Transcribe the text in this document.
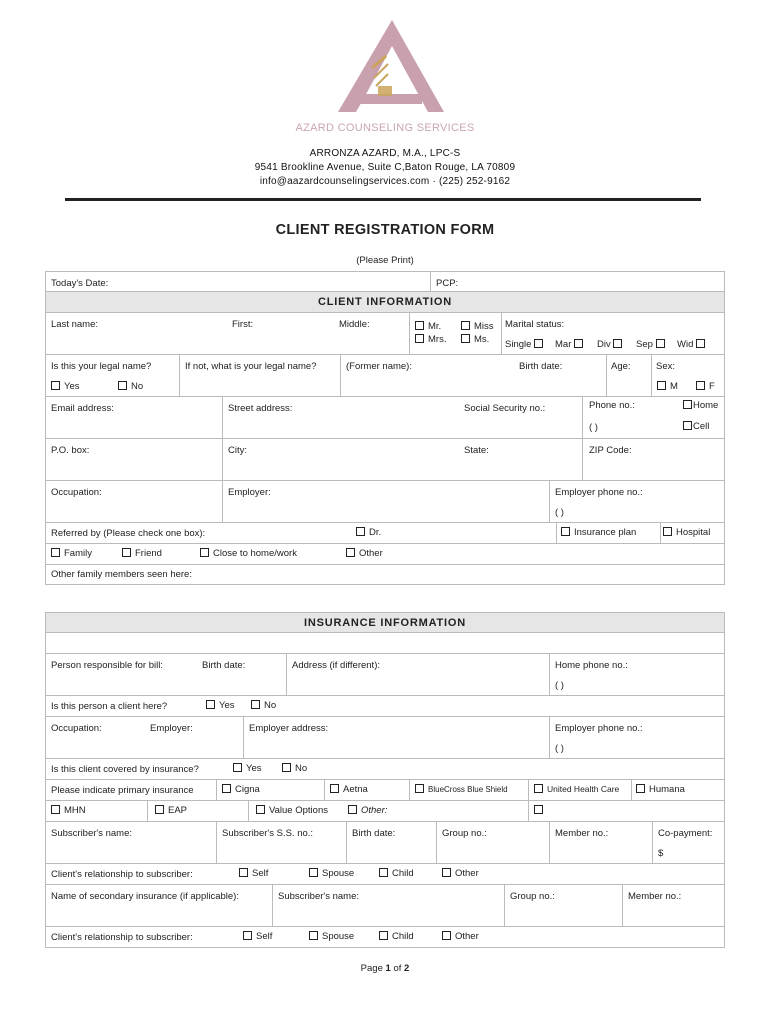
AZARD COUNSELING SERVICES
ARRONZA AZARD, M.A., LPC-S
9541 Brookline Avenue, Suite C,Baton Rouge, LA 70809
info@aazardcounselingservices.com · (225) 252-9162
CLIENT REGISTRATION FORM
(Please Print)
Today's Date:	PCP:
CLIENT INFORMATION
Last name:	First:	Middle:	Mr.	Miss
Mrs.	Ms.
Marital status:
Single	Mar	Div	Sep	Wid
Is this your legal name?
Yes	No
If not, what is your legal name?	(Former name):	Birth date:	Age:	Sex:
M	F
Email address:	Street address:	Social Security no.:	Phone no.:
( )
Home
Cell
P.O. box:	City:	State:	ZIP Code:
Occupation:	Employer:	Employer phone no.:
( )
Referred by (Please check one box):	Dr.	Insurance plan	Hospital
Family	Friend	Close to home/work	Other
Other family members seen here:
INSURANCE INFORMATION
Person responsible for bill:	Birth date:	Address (if different):	Home phone no.:
( )
Is this person a client here?	Yes	No
Occupation:	Employer:	Employer address:	Employer phone no.:
( )
Is this client covered by insurance?	Yes	No
Please indicate primary insurance	Cigna	Aetna	BlueCross Blue Shield	United Health Care	Humana
MHN	EAP	Value Options	Other:
Subscriber's name:	Subscriber's S.S. no.:	Birth date:	Group no.:	Member no.:	Co-payment:
$
Client's relationship to subscriber:	Self	Spouse	Child	Other
Name of secondary insurance (if applicable):	Subscriber's name:	Group no.:	Member no.:
Client's relationship to subscriber:	Self	Spouse	Child	Other
Page 1 of 2
